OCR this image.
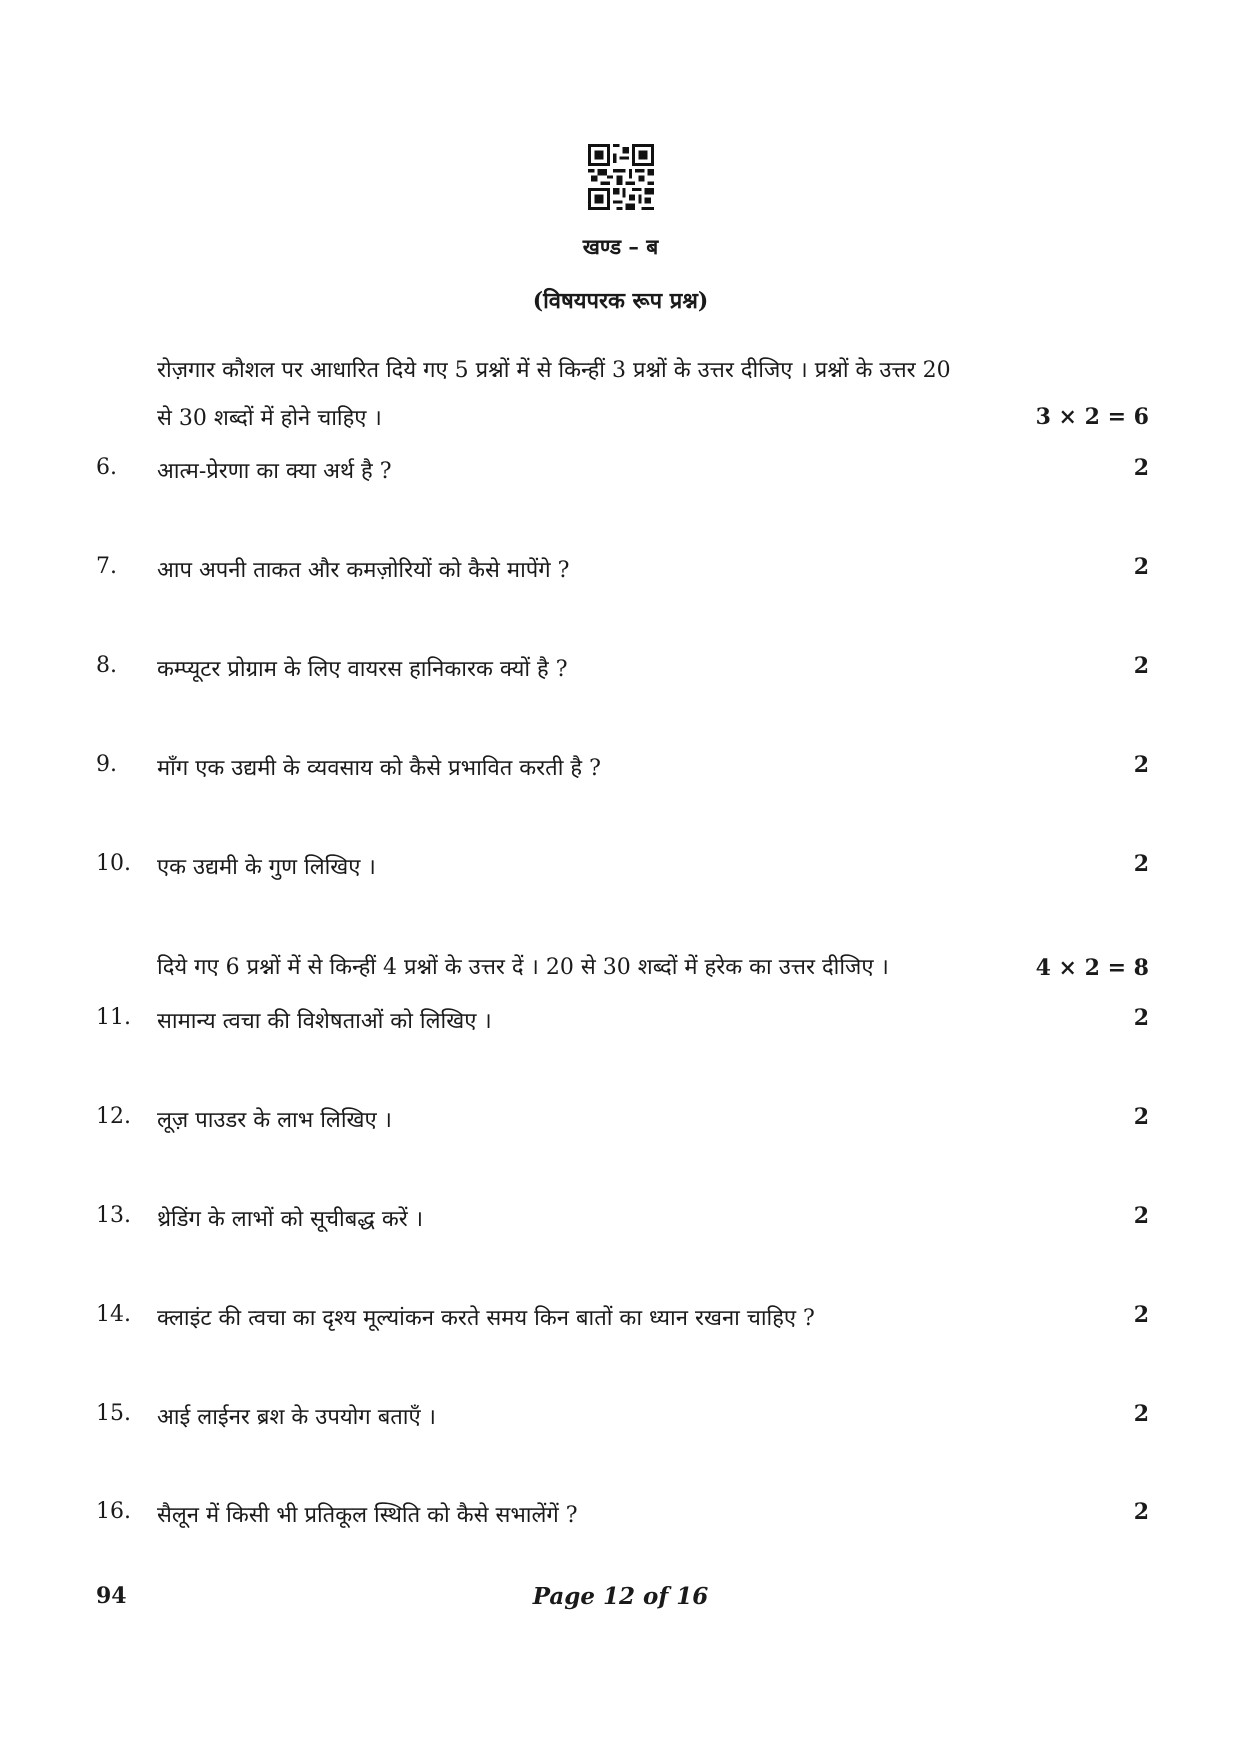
खण्ड – ब
(विषयपरक रूप प्रश्न)
रोज़गार कौशल पर आधारित दिये गए 5 प्रश्नों में से किन्हीं 3 प्रश्नों के उत्तर दीजिए । प्रश्नों के उत्तर 20
से 30 शब्दों में होने चाहिए ।	3 × 2 = 6
6. आत्म-प्रेरणा का क्या अर्थ है ?	2
7. आप अपनी ताकत और कमज़ोरियों को कैसे मापेंगे ?	2
8. कम्प्यूटर प्रोग्राम के लिए वायरस हानिकारक क्यों है ?	2
9. माँग एक उद्यमी के व्यवसाय को कैसे प्रभावित करती है ?	2
10. एक उद्यमी के गुण लिखिए ।	2
दिये गए 6 प्रश्नों में से किन्हीं 4 प्रश्नों के उत्तर दें । 20 से 30 शब्दों में हरेक का उत्तर दीजिए ।	4 × 2 = 8
11. सामान्य त्वचा की विशेषताओं को लिखिए ।	2
12. लूज़ पाउडर के लाभ लिखिए ।	2
13. थ्रेडिंग के लाभों को सूचीबद्ध करें ।	2
14. क्लाइंट की त्वचा का दृश्य मूल्यांकन करते समय किन बातों का ध्यान रखना चाहिए ?	2
15. आई लाईनर ब्रश के उपयोग बताएँ ।	2
16. सैलून में किसी भी प्रतिकूल स्थिति को कैसे सभालेंगें ?	2
94	Page 12 of 16
